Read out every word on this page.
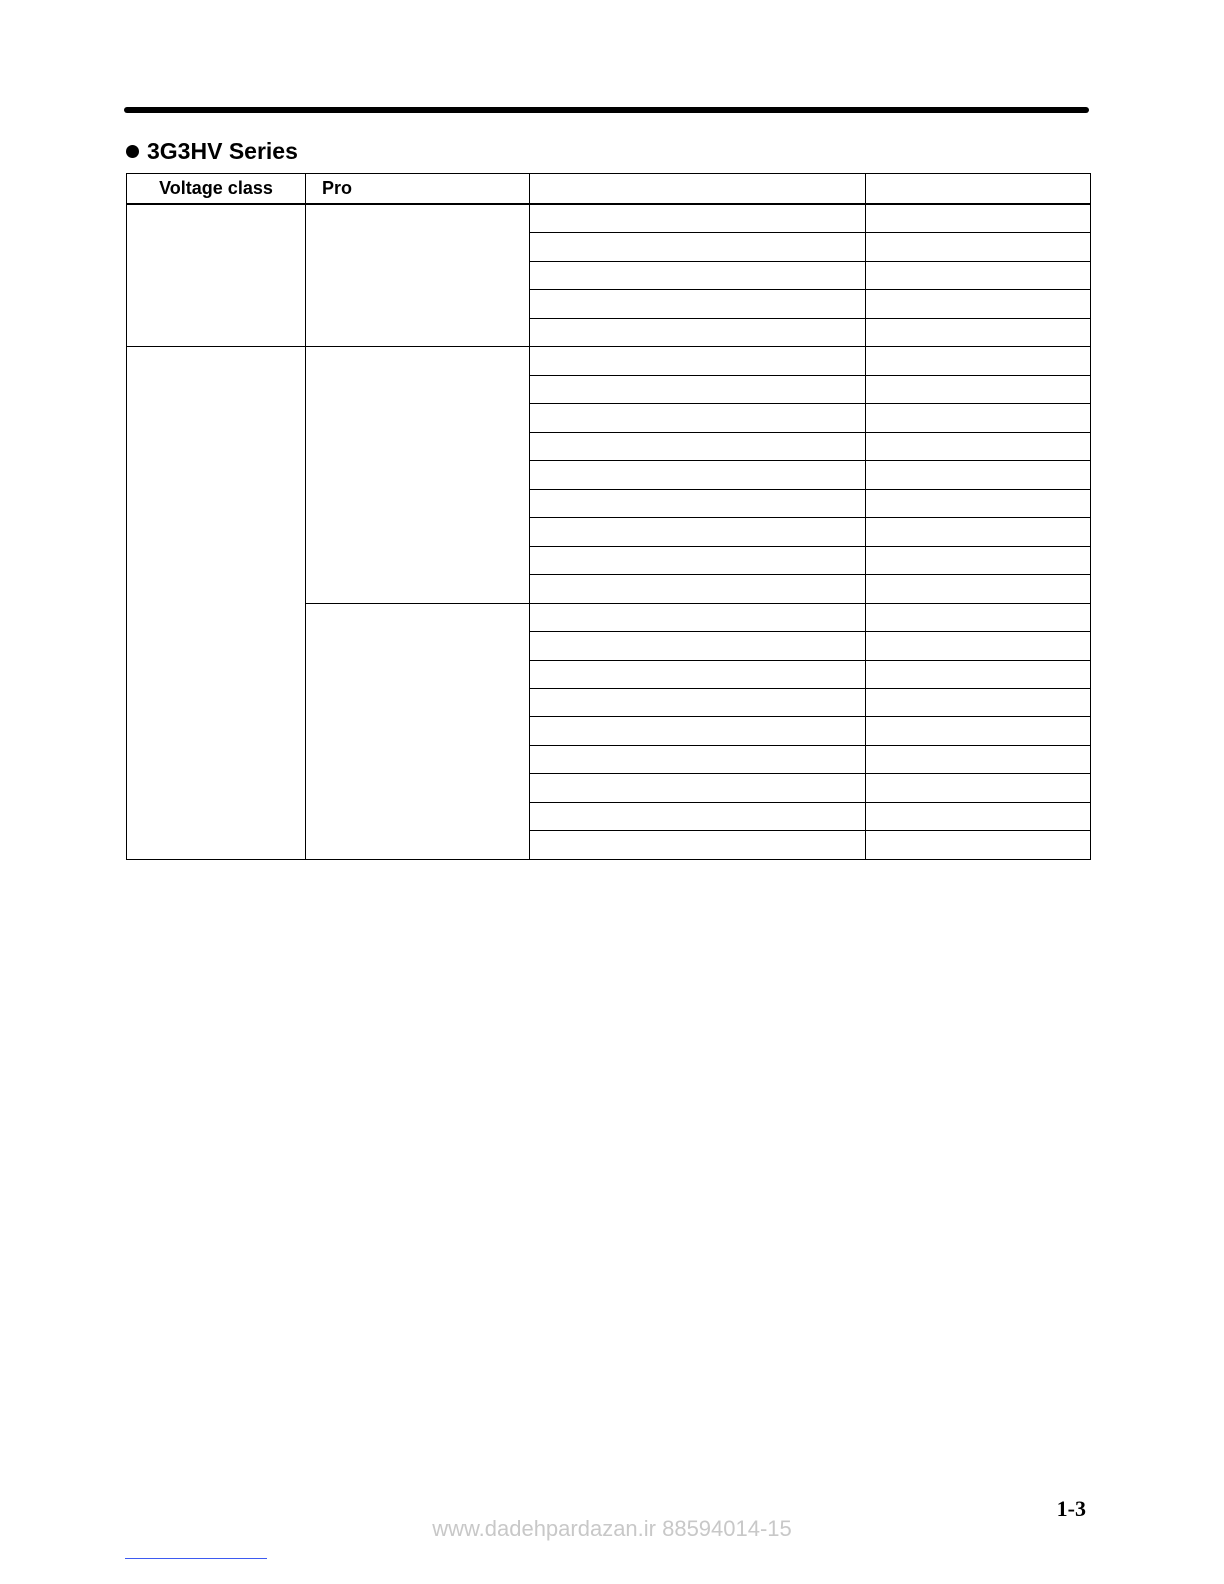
3G3HV Series
Voltage class	Pro		

1-3
www.dadehpardazan.ir 88594014-15
